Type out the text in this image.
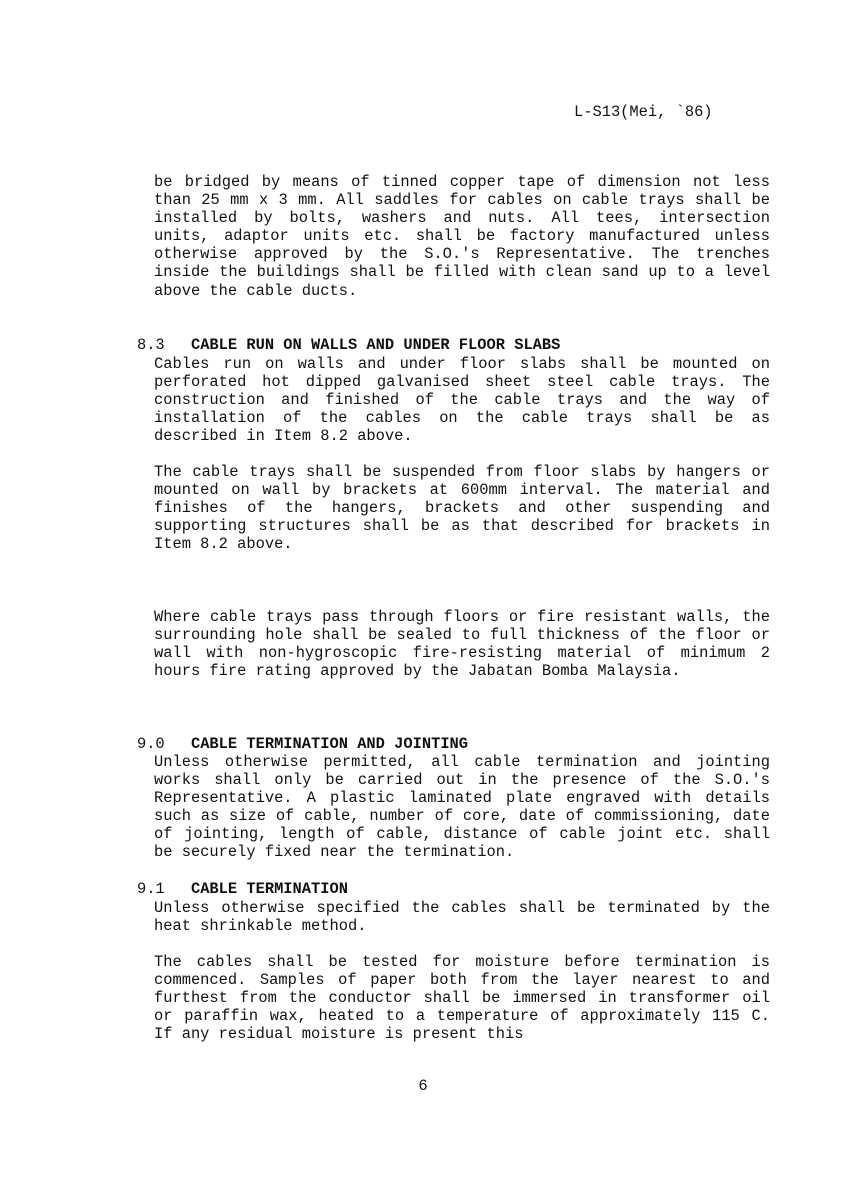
L-S13(Mei, `86)
be bridged by means of tinned copper tape of dimension not less than 25 mm x 3 mm. All saddles for cables on cable trays shall be installed by bolts, washers and nuts. All tees, intersection units, adaptor units etc. shall be factory manufactured unless otherwise approved by the S.O.'s Representative. The trenches inside the buildings shall be filled with clean sand up to a level above the cable ducts.

8.3 CABLE RUN ON WALLS AND UNDER FLOOR SLABS

Cables run on walls and under floor slabs shall be mounted on perforated hot dipped galvanised sheet steel cable trays. The construction and finished of the cable trays and the way of installation of the cables on the cable trays shall be as described in Item 8.2 above.
The cable trays shall be suspended from floor slabs by hangers or mounted on wall by brackets at 600mm interval. The material and finishes of the hangers, brackets and other suspending and supporting structures shall be as that described for brackets in Item 8.2 above.
Where cable trays pass through floors or fire resistant walls, the surrounding hole shall be sealed to full thickness of the floor or wall with non-hygroscopic fire-resisting material of minimum 2 hours fire rating approved by the Jabatan Bomba Malaysia.

9.0 CABLE TERMINATION AND JOINTING

Unless otherwise permitted, all cable termination and jointing works shall only be carried out in the presence of the S.O.'s Representative. A plastic laminated plate engraved with details such as size of cable, number of core, date of commissioning, date of jointing, length of cable, distance of cable joint etc. shall be securely fixed near the termination.

9.1 CABLE TERMINATION

Unless otherwise specified the cables shall be terminated by the heat shrinkable method.
The cables shall be tested for moisture before termination is commenced. Samples of paper both from the layer nearest to and furthest from the conductor shall be immersed in transformer oil or paraffin wax, heated to a temperature of approximately 115 C. If any residual moisture is present this
6
